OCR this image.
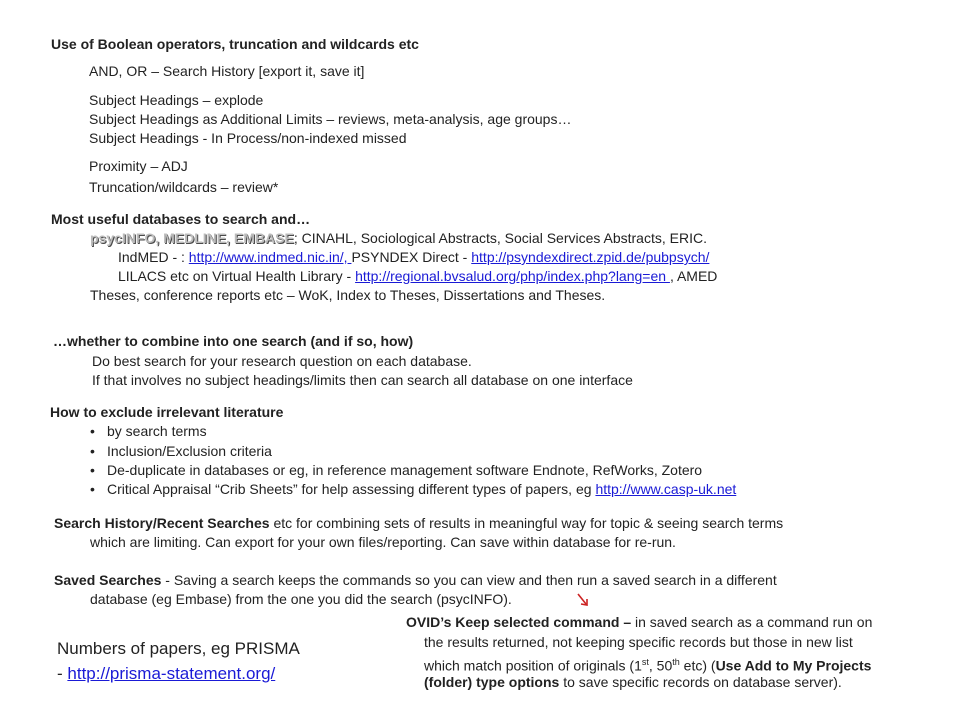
Use of Boolean operators, truncation and wildcards etc
AND, OR – Search History [export it, save it]
Subject Headings – explode
Subject Headings as Additional Limits – reviews, meta-analysis, age groups…
Subject Headings - In Process/non-indexed missed
Proximity – ADJ
Truncation/wildcards – review*
Most useful databases to search and…
psycINFO, MEDLINE, EMBASE; CINAHL, Sociological Abstracts, Social Services Abstracts, ERIC.
IndMED - : http://www.indmed.nic.in/, PSYNDEX Direct - http://psyndexdirect.zpid.de/pubpsych/
LILACS etc on Virtual Health Library - http://regional.bvsalud.org/php/index.php?lang=en , AMED
Theses, conference reports etc – WoK, Index to Theses, Dissertations and Theses.
…whether to combine into one search (and if so, how)
Do best search for your research question on each database.
If that involves no subject headings/limits then can search all database on one interface
How to exclude irrelevant literature
• by search terms
• Inclusion/Exclusion criteria
• De-duplicate in databases or eg, in reference management software Endnote, RefWorks, Zotero
• Critical Appraisal “Crib Sheets” for help assessing different types of papers, eg http://www.casp-uk.net
Search History/Recent Searches etc for combining sets of results in meaningful way for topic & seeing search terms
which are limiting. Can export for your own files/reporting. Can save within database for re-run.
Saved Searches - Saving a search keeps the commands so you can view and then run a saved search in a different
database (eg Embase) from the one you did the search (psycINFO).
Numbers of papers, eg PRISMA
- http://prisma-statement.org/
OVID’s Keep selected command – in saved search as a command run on
the results returned, not keeping specific records but those in new list
which match position of originals (1st, 50th etc) (Use Add to My Projects
(folder) type options to save specific records on database server).
